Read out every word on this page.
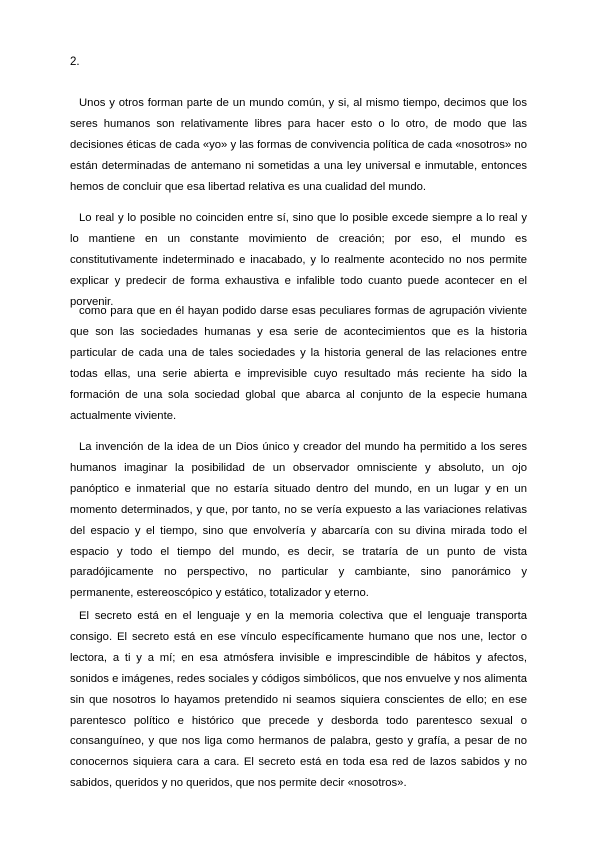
2.

Unos y otros forman parte de un mundo común, y si, al mismo tiempo, decimos que los seres humanos son relativamente libres para hacer esto o lo otro, de modo que las decisiones éticas de cada «yo» y las formas de convivencia política de cada «nosotros» no están determinadas de antemano ni sometidas a una ley universal e inmutable, entonces hemos de concluir que esa libertad relativa es una cualidad del mundo.

Lo real y lo posible no coinciden entre sí, sino que lo posible excede siempre a lo real y lo mantiene en un constante movimiento de creación; por eso, el mundo es constitutivamente indeterminado e inacabado, y lo realmente acontecido no nos permite explicar y predecir de forma exhaustiva e infalible todo cuanto puede acontecer en el porvenir.

como para que en él hayan podido darse esas peculiares formas de agrupación viviente que son las sociedades humanas y esa serie de acontecimientos que es la historia particular de cada una de tales sociedades y la historia general de las relaciones entre todas ellas, una serie abierta e imprevisible cuyo resultado más reciente ha sido la formación de una sola sociedad global que abarca al conjunto de la especie humana actualmente viviente.

La invención de la idea de un Dios único y creador del mundo ha permitido a los seres humanos imaginar la posibilidad de un observador omnisciente y absoluto, un ojo panóptico e inmaterial que no estaría situado dentro del mundo, en un lugar y en un momento determinados, y que, por tanto, no se vería expuesto a las variaciones relativas del espacio y el tiempo, sino que envolvería y abarcaría con su divina mirada todo el espacio y todo el tiempo del mundo, es decir, se trataría de un punto de vista paradójicamente no perspectivo, no particular y cambiante, sino panorámico y permanente, estereoscópico y estático, totalizador y eterno.

El secreto está en el lenguaje y en la memoria colectiva que el lenguaje transporta consigo. El secreto está en ese vínculo específicamente humano que nos une, lector o lectora, a ti y a mí; en esa atmósfera invisible e imprescindible de hábitos y afectos, sonidos e imágenes, redes sociales y códigos simbólicos, que nos envuelve y nos alimenta sin que nosotros lo hayamos pretendido ni seamos siquiera conscientes de ello; en ese parentesco político e histórico que precede y desborda todo parentesco sexual o consanguíneo, y que nos liga como hermanos de palabra, gesto y grafía, a pesar de no conocernos siquiera cara a cara. El secreto está en toda esa red de lazos sabidos y no sabidos, queridos y no queridos, que nos permite decir «nosotros».
